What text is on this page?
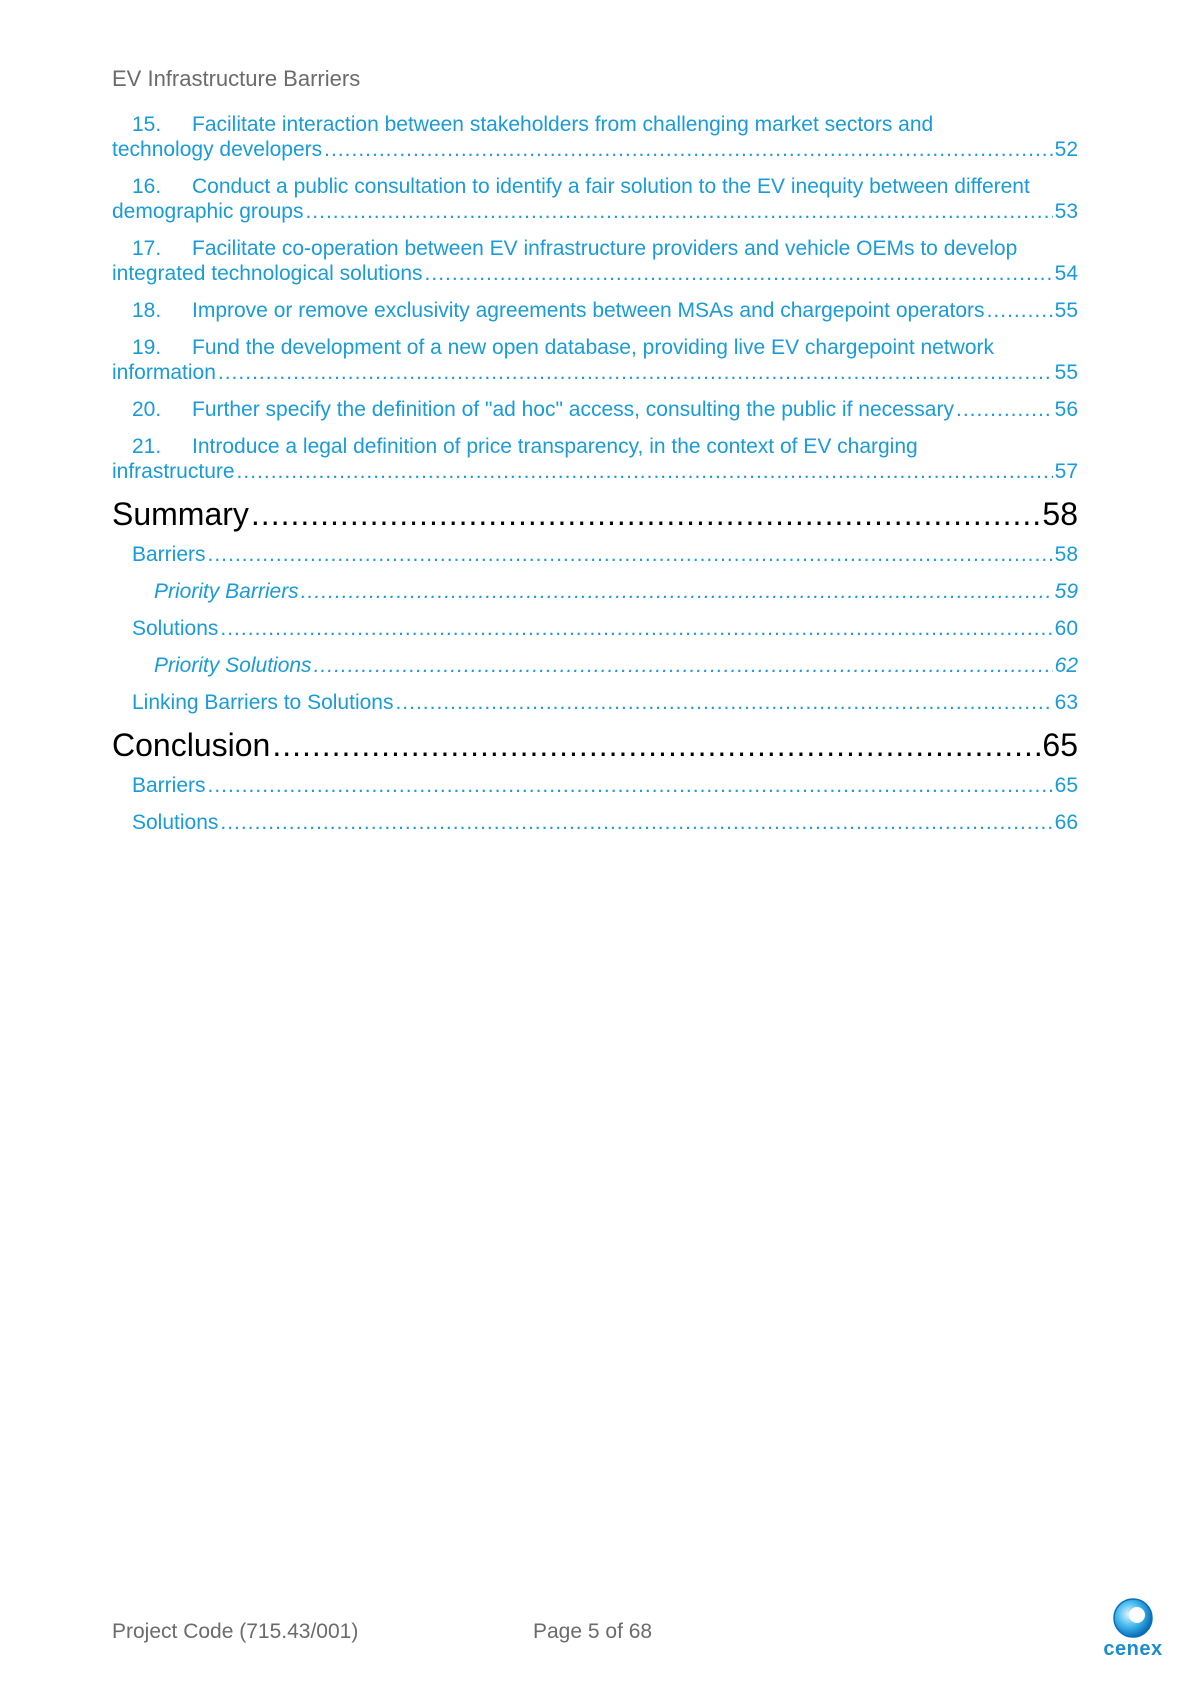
EV Infrastructure Barriers
15. Facilitate interaction between stakeholders from challenging market sectors and
technology developers .....	52
16. Conduct a public consultation to identify a fair solution to the EV inequity between different
demographic groups .....	53
17. Facilitate co-operation between EV infrastructure providers and vehicle OEMs to develop
integrated technological solutions .....	54
18. Improve or remove exclusivity agreements between MSAs and chargepoint operators .....	55
19. Fund the development of a new open database, providing live EV chargepoint network
information .....	55
20. Further specify the definition of "ad hoc" access, consulting the public if necessary .....	56
21. Introduce a legal definition of price transparency, in the context of EV charging
infrastructure .....	57
Summary .....	58
Barriers .....	58
Priority Barriers .....	59
Solutions .....	60
Priority Solutions .....	62
Linking Barriers to Solutions .....	63
Conclusion .....	65
Barriers .....	65
Solutions .....	66
Project Code (715.43/001)	Page 5 of 68
cenex
